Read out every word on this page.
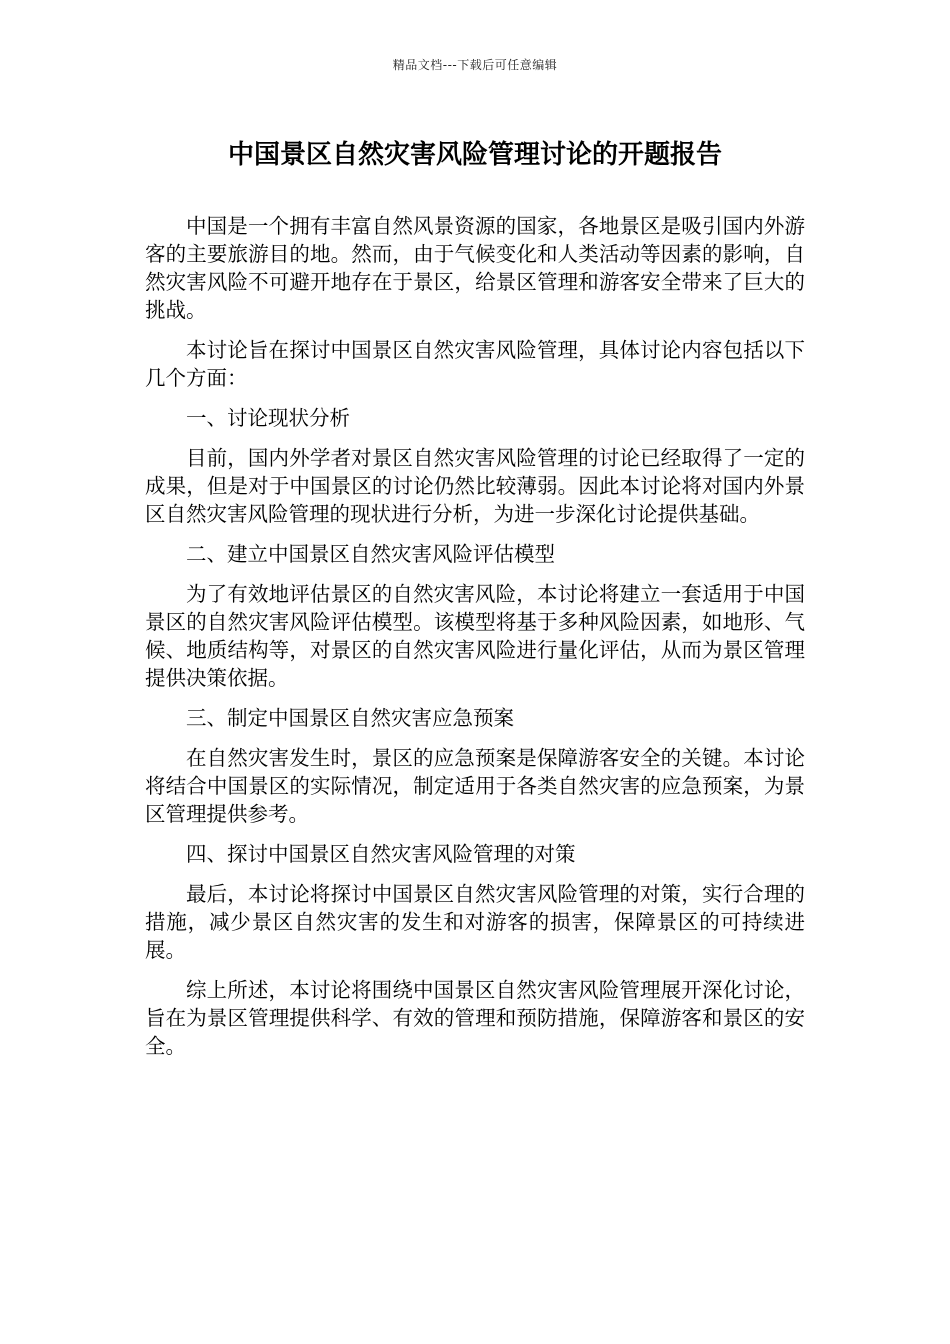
精品文档---下载后可任意编辑
中国景区自然灾害风险管理讨论的开题报告

中国是一个拥有丰富自然风景资源的国家，各地景区是吸引国内外游客的主要旅游目的地。然而，由于气候变化和人类活动等因素的影响，自然灾害风险不可避开地存在于景区，给景区管理和游客安全带来了巨大的挑战。

本讨论旨在探讨中国景区自然灾害风险管理，具体讨论内容包括以下几个方面：

一、讨论现状分析

目前，国内外学者对景区自然灾害风险管理的讨论已经取得了一定的成果，但是对于中国景区的讨论仍然比较薄弱。因此本讨论将对国内外景区自然灾害风险管理的现状进行分析，为进一步深化讨论提供基础。

二、建立中国景区自然灾害风险评估模型

为了有效地评估景区的自然灾害风险，本讨论将建立一套适用于中国景区的自然灾害风险评估模型。该模型将基于多种风险因素，如地形、气候、地质结构等，对景区的自然灾害风险进行量化评估，从而为景区管理提供决策依据。

三、制定中国景区自然灾害应急预案

在自然灾害发生时，景区的应急预案是保障游客安全的关键。本讨论将结合中国景区的实际情况，制定适用于各类自然灾害的应急预案，为景区管理提供参考。

四、探讨中国景区自然灾害风险管理的对策

最后，本讨论将探讨中国景区自然灾害风险管理的对策，实行合理的措施，减少景区自然灾害的发生和对游客的损害，保障景区的可持续进展。

综上所述，本讨论将围绕中国景区自然灾害风险管理展开深化讨论，旨在为景区管理提供科学、有效的管理和预防措施，保障游客和景区的安全。
